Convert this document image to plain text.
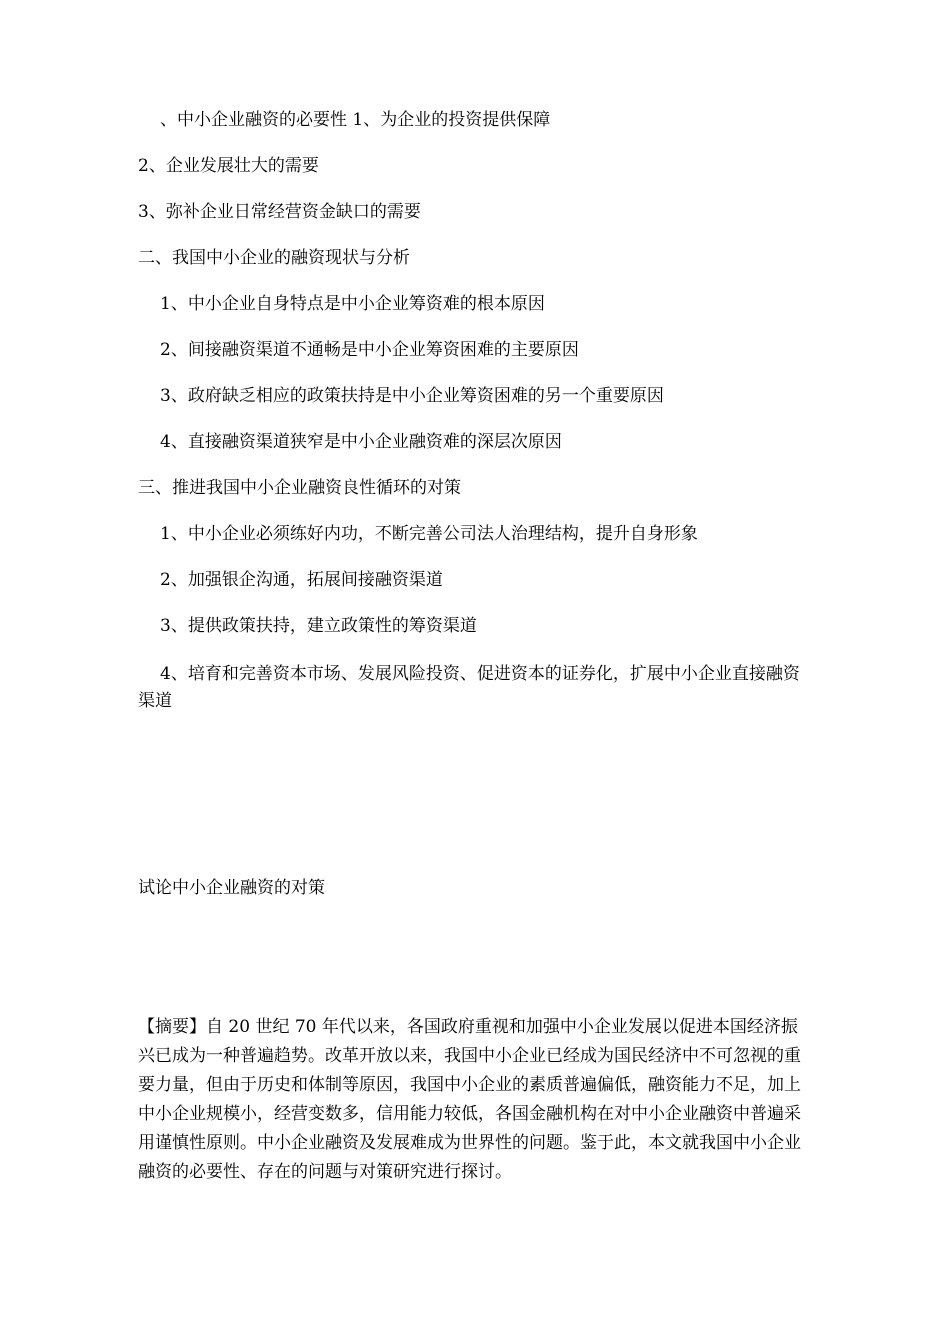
、中小企业融资的必要性 1、为企业的投资提供保障
2、企业发展壮大的需要
3、弥补企业日常经营资金缺口的需要
二、我国中小企业的融资现状与分析
1、中小企业自身特点是中小企业筹资难的根本原因
2、间接融资渠道不通畅是中小企业筹资困难的主要原因
3、政府缺乏相应的政策扶持是中小企业筹资困难的另一个重要原因
4、直接融资渠道狭窄是中小企业融资难的深层次原因
三、推进我国中小企业融资良性循环的对策
1、中小企业必须练好内功，不断完善公司法人治理结构，提升自身形象
2、加强银企沟通，拓展间接融资渠道
3、提供政策扶持，建立政策性的筹资渠道
4、培育和完善资本市场、发展风险投资、促进资本的证券化，扩展中小企业直接融资渠道
试论中小企业融资的对策
【摘要】自 20 世纪 70 年代以来，各国政府重视和加强中小企业发展以促进本国经济振兴已成为一种普遍趋势。改革开放以来，我国中小企业已经成为国民经济中不可忽视的重要力量，但由于历史和体制等原因，我国中小企业的素质普遍偏低，融资能力不足，加上中小企业规模小，经营变数多，信用能力较低，各国金融机构在对中小企业融资中普遍采用谨慎性原则。中小企业融资及发展难成为世界性的问题。鉴于此，本文就我国中小企业融资的必要性、存在的问题与对策研究进行探讨。
